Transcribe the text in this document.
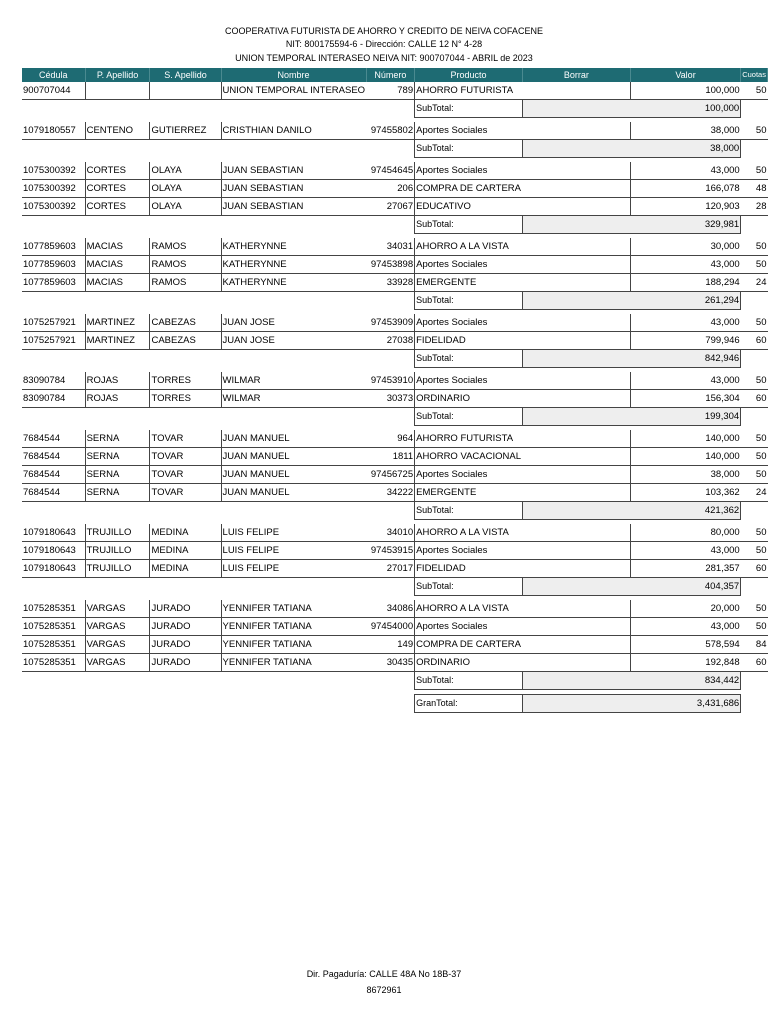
COOPERATIVA FUTURISTA DE AHORRO Y CREDITO DE NEIVA COFACENE
NIT: 800175594-6 - Dirección: CALLE 12 N° 4-28
UNION TEMPORAL INTERASEO NEIVA NIT: 900707044 - ABRIL de 2023
Cédula	P. Apellido	S. Apellido	Nombre	Número	Producto	Borrar	Valor	Cuotas
900707044			UNION TEMPORAL INTERASEO	789	AHORRO FUTURISTA		100,000	50
					SubTotal:	100,000		

1079180557	CENTENO	GUTIERREZ	CRISTHIAN DANILO	97455802	Aportes Sociales		38,000	50
					SubTotal:	38,000		

1075300392	CORTES	OLAYA	JUAN SEBASTIAN	97454645	Aportes Sociales		43,000	50
1075300392	CORTES	OLAYA	JUAN SEBASTIAN	206	COMPRA DE CARTERA		166,078	48
1075300392	CORTES	OLAYA	JUAN SEBASTIAN	27067	EDUCATIVO		120,903	28
					SubTotal:	329,981		

1077859603	MACIAS	RAMOS	KATHERYNNE	34031	AHORRO A LA VISTA		30,000	50
1077859603	MACIAS	RAMOS	KATHERYNNE	97453898	Aportes Sociales		43,000	50
1077859603	MACIAS	RAMOS	KATHERYNNE	33928	EMERGENTE		188,294	24
					SubTotal:	261,294		

1075257921	MARTINEZ	CABEZAS	JUAN JOSE	97453909	Aportes Sociales		43,000	50
1075257921	MARTINEZ	CABEZAS	JUAN JOSE	27038	FIDELIDAD		799,946	60
					SubTotal:	842,946		

83090784	ROJAS	TORRES	WILMAR	97453910	Aportes Sociales		43,000	50
83090784	ROJAS	TORRES	WILMAR	30373	ORDINARIO		156,304	60
					SubTotal:	199,304		

7684544	SERNA	TOVAR	JUAN MANUEL	964	AHORRO FUTURISTA		140,000	50
7684544	SERNA	TOVAR	JUAN MANUEL	1811	AHORRO VACACIONAL		140,000	50
7684544	SERNA	TOVAR	JUAN MANUEL	97456725	Aportes Sociales		38,000	50
7684544	SERNA	TOVAR	JUAN MANUEL	34222	EMERGENTE		103,362	24
					SubTotal:	421,362		

1079180643	TRUJILLO	MEDINA	LUIS FELIPE	34010	AHORRO A LA VISTA		80,000	50
1079180643	TRUJILLO	MEDINA	LUIS FELIPE	97453915	Aportes Sociales		43,000	50
1079180643	TRUJILLO	MEDINA	LUIS FELIPE	27017	FIDELIDAD		281,357	60
					SubTotal:	404,357		

1075285351	VARGAS	JURADO	YENNIFER TATIANA	34086	AHORRO A LA VISTA		20,000	50
1075285351	VARGAS	JURADO	YENNIFER TATIANA	97454000	Aportes Sociales		43,000	50
1075285351	VARGAS	JURADO	YENNIFER TATIANA	149	COMPRA DE CARTERA		578,594	84
1075285351	VARGAS	JURADO	YENNIFER TATIANA	30435	ORDINARIO		192,848	60
					SubTotal:	834,442		

					GranTotal:	3,431,686		
Dir. Pagaduría: CALLE 48A No 18B-37
8672961
